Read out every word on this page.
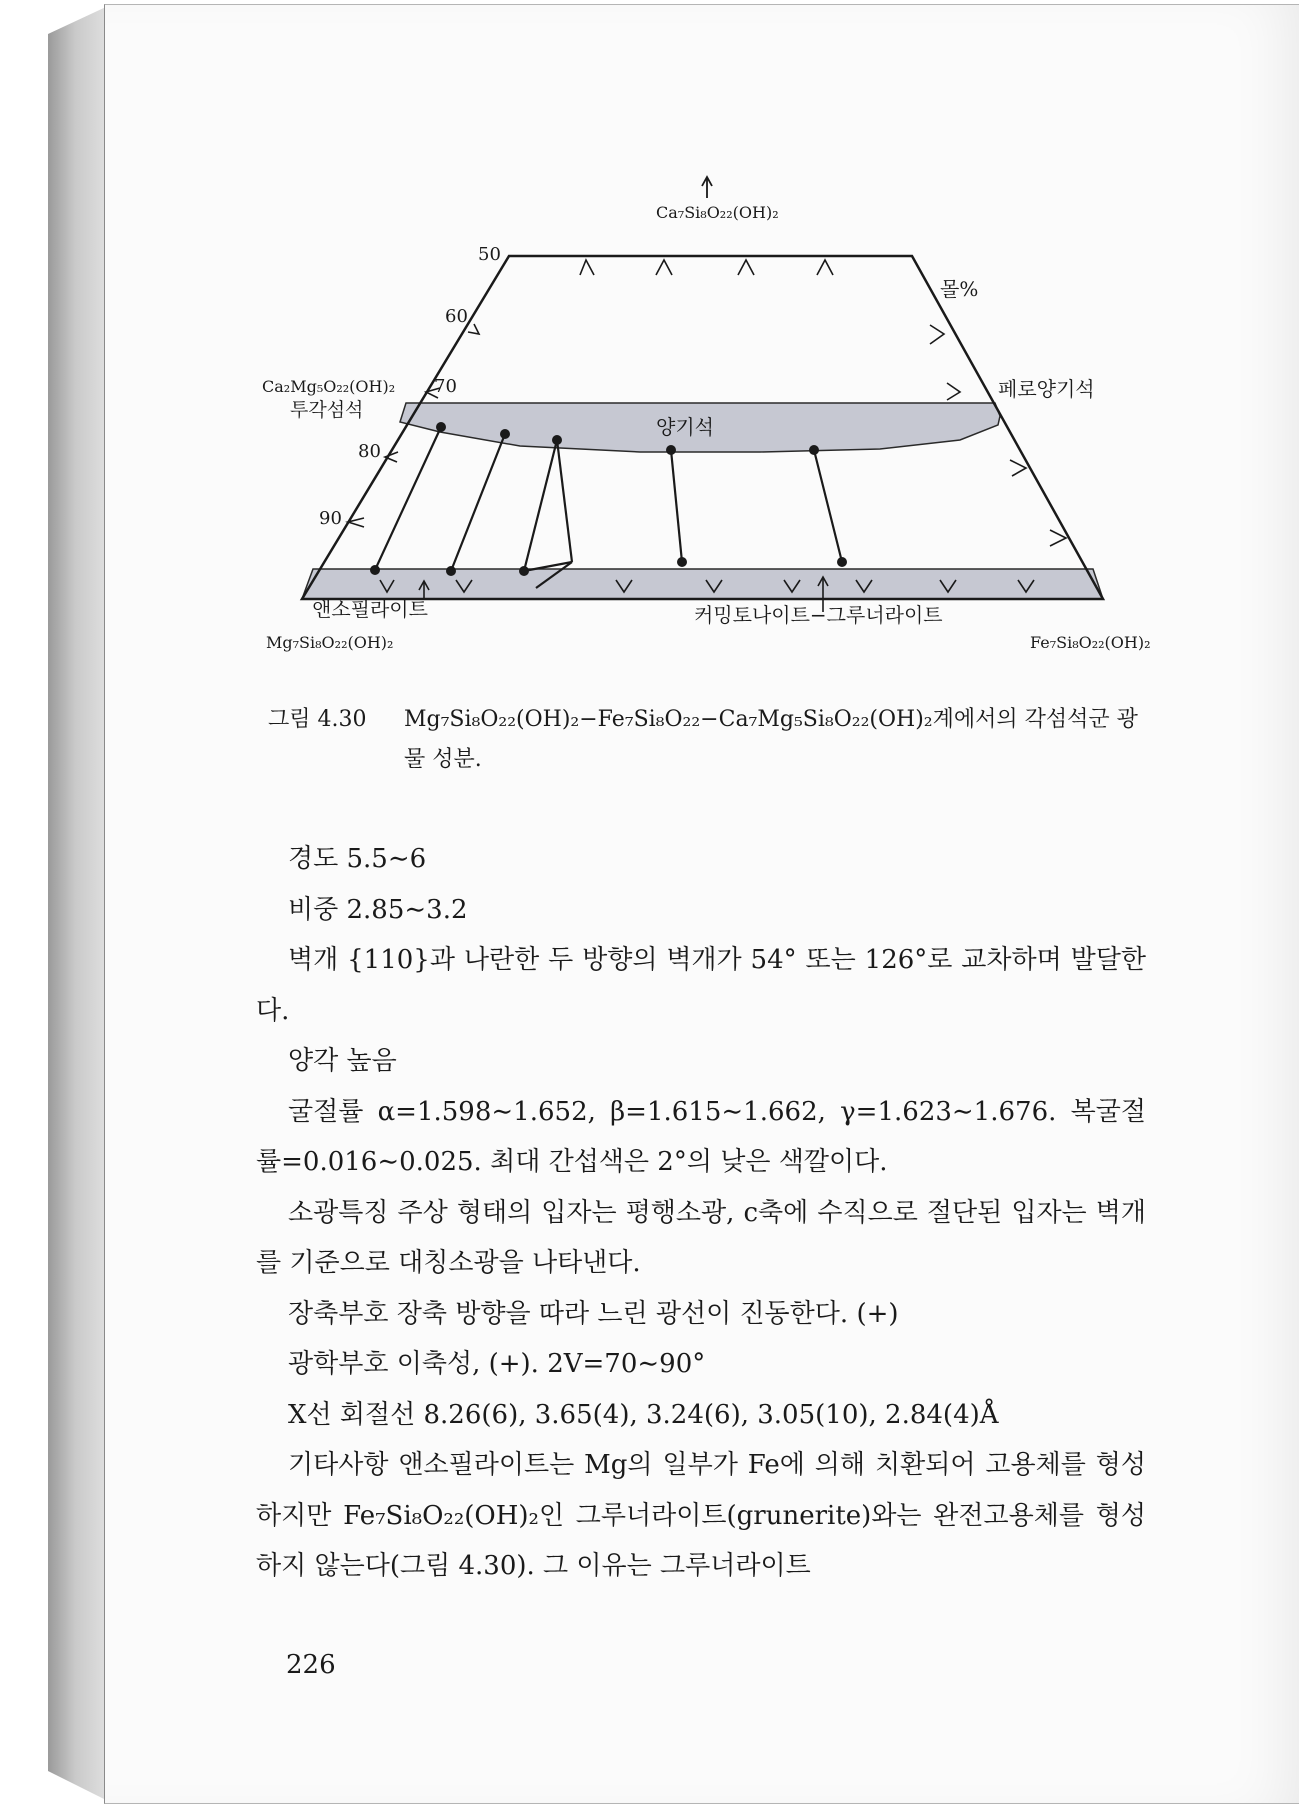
Ca₇Si₈O₂₂(OH)₂
몰%
50
60
70
80
90
Ca₂Mg₅O₂₂(OH)₂
투각섬석
페로양기석
양기석
앤소필라이트
Mg₇Si₈O₂₂(OH)₂
커밍토나이트−그루너라이트
Fe₇Si₈O₂₂(OH)₂
그림 4.30 Mg₇Si₈O₂₂(OH)₂−Fe₇Si₈O₂₂−Ca₇Mg₅Si₈O₂₂(OH)₂계에서의 각섬석군 광물 성분.

경도 5.5∼6

비중 2.85∼3.2

벽개 {110}과 나란한 두 방향의 벽개가 54° 또는 126°로 교차하며 발달한다.

양각 높음

굴절률 α=1.598∼1.652, β=1.615∼1.662, γ=1.623∼1.676. 복굴절률=0.016∼0.025. 최대 간섭색은 2°의 낮은 색깔이다.

소광특징 주상 형태의 입자는 평행소광, c축에 수직으로 절단된 입자는 벽개를 기준으로 대칭소광을 나타낸다.

장축부호 장축 방향을 따라 느린 광선이 진동한다. (+)

광학부호 이축성, (+). 2V=70∼90°

X선 회절선 8.26(6), 3.65(4), 3.24(6), 3.05(10), 2.84(4)Å

기타사항 앤소필라이트는 Mg의 일부가 Fe에 의해 치환되어 고용체를 형성하지만 Fe₇Si₈O₂₂(OH)₂인 그루너라이트(grunerite)와는 완전고용체를 형성하지 않는다(그림 4.30). 그 이유는 그루너라이트

226
